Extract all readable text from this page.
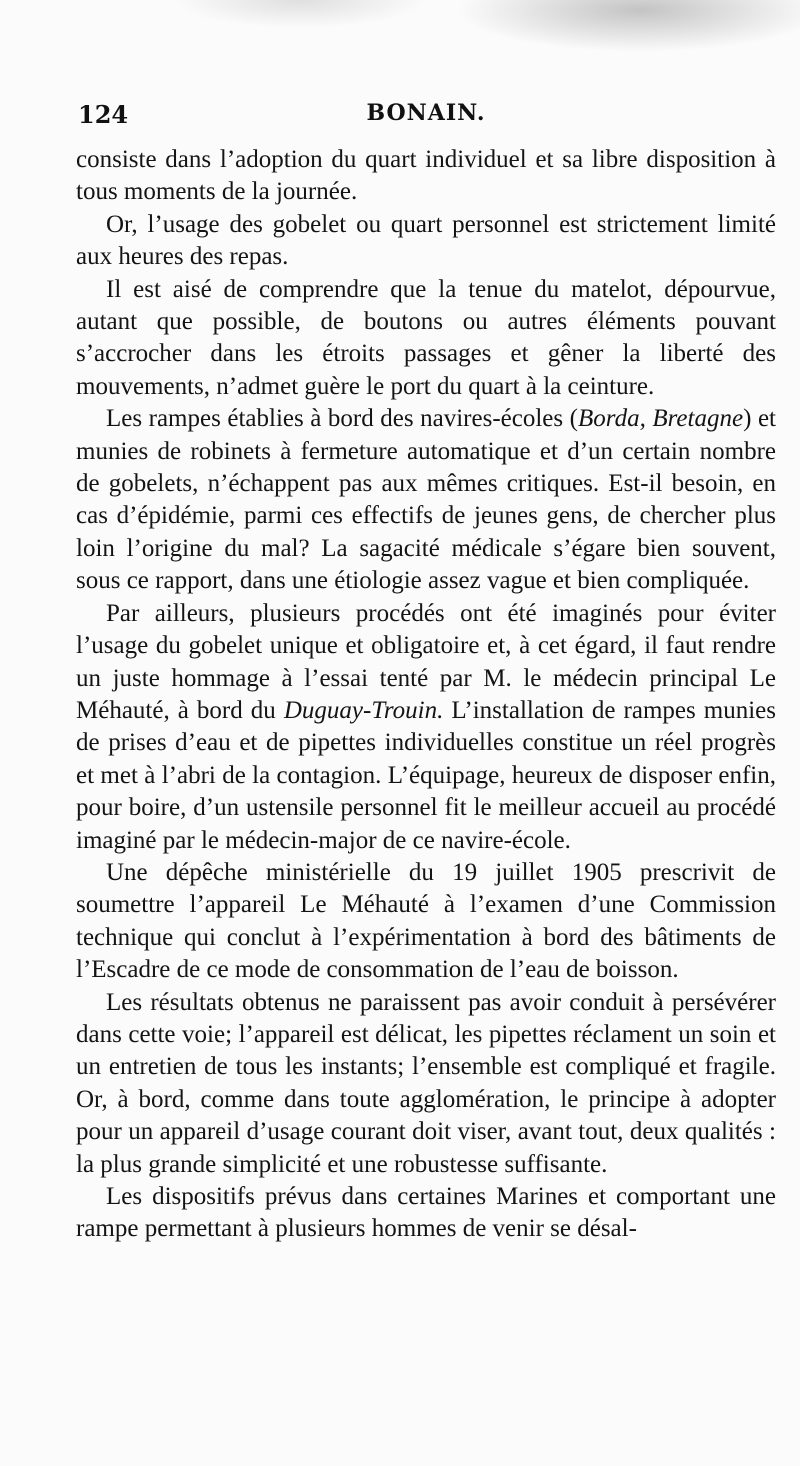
124	BONAIN.

consiste dans l’adoption du quart individuel et sa libre disposition à tous moments de la journée.

Or, l’usage des gobelet ou quart personnel est strictement limité aux heures des repas.

Il est aisé de comprendre que la tenue du matelot, dépourvue, autant que possible, de boutons ou autres éléments pouvant s’accrocher dans les étroits passages et gêner la liberté des mouvements, n’admet guère le port du quart à la ceinture.

Les rampes établies à bord des navires-écoles (Borda, Bretagne) et munies de robinets à fermeture automatique et d’un certain nombre de gobelets, n’échappent pas aux mêmes critiques. Est-il besoin, en cas d’épidémie, parmi ces effectifs de jeunes gens, de chercher plus loin l’origine du mal? La sagacité médicale s’égare bien souvent, sous ce rapport, dans une étiologie assez vague et bien compliquée.

Par ailleurs, plusieurs procédés ont été imaginés pour éviter l’usage du gobelet unique et obligatoire et, à cet égard, il faut rendre un juste hommage à l’essai tenté par M. le médecin principal Le Méhauté, à bord du Duguay-Trouin. L’installation de rampes munies de prises d’eau et de pipettes individuelles constitue un réel progrès et met à l’abri de la contagion. L’équipage, heureux de disposer enfin, pour boire, d’un ustensile personnel fit le meilleur accueil au procédé imaginé par le médecin-major de ce navire-école.

Une dépêche ministérielle du 19 juillet 1905 prescrivit de soumettre l’appareil Le Méhauté à l’examen d’une Commission technique qui conclut à l’expérimentation à bord des bâtiments de l’Escadre de ce mode de consommation de l’eau de boisson.

Les résultats obtenus ne paraissent pas avoir conduit à persévérer dans cette voie; l’appareil est délicat, les pipettes réclament un soin et un entretien de tous les instants; l’ensemble est compliqué et fragile. Or, à bord, comme dans toute agglomération, le principe à adopter pour un appareil d’usage courant doit viser, avant tout, deux qualités : la plus grande simplicité et une robustesse suffisante.

Les dispositifs prévus dans certaines Marines et comportant une rampe permettant à plusieurs hommes de venir se désal-
